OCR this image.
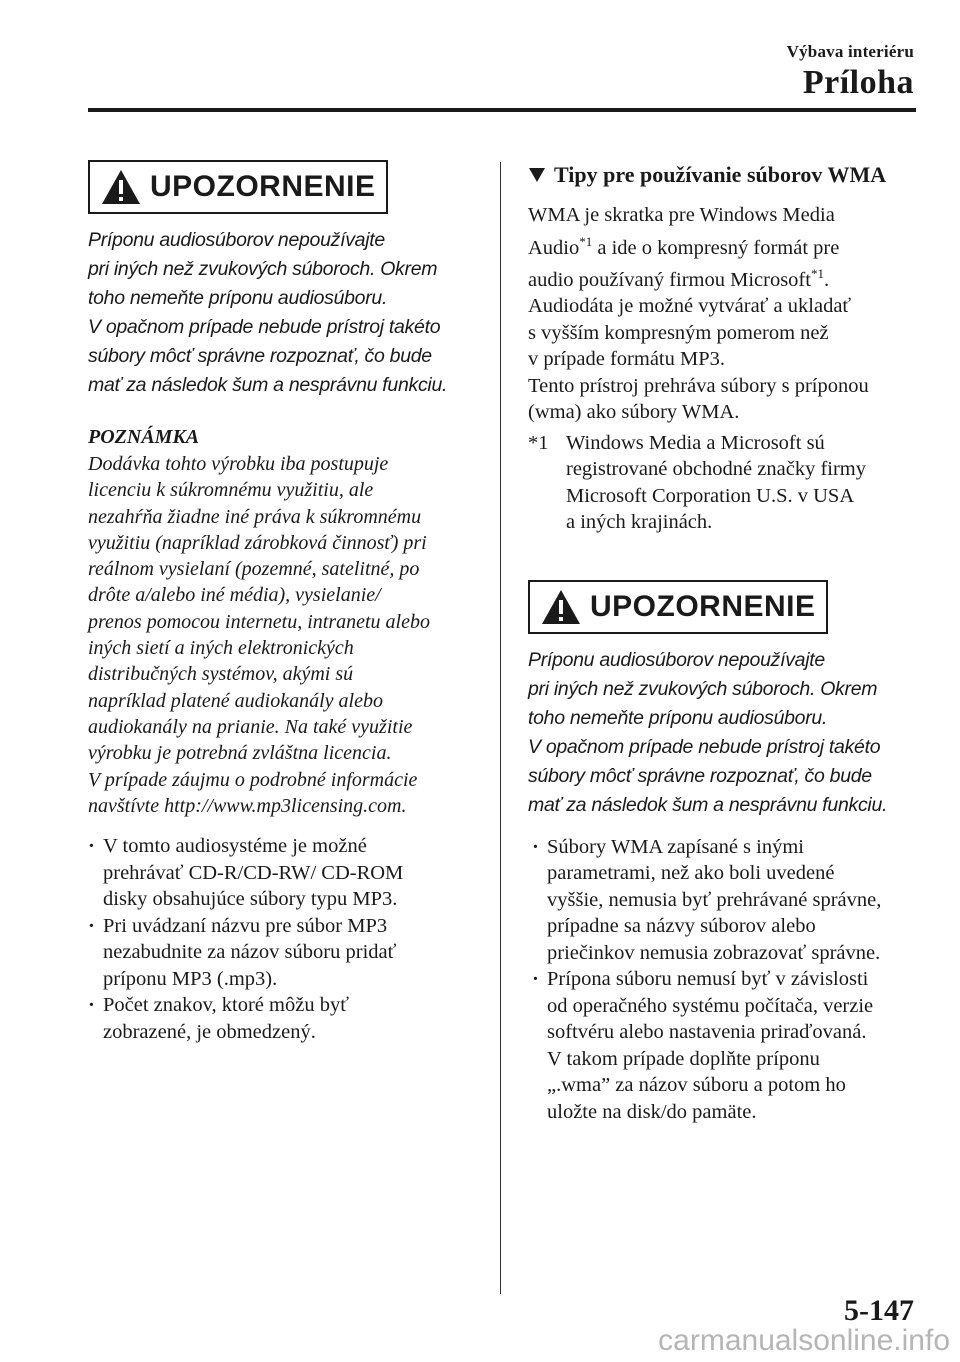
Výbava interiéru
Príloha
UPOZORNENIE
Príponu audiosúborov nepoužívajte
pri iných než zvukových súboroch. Okrem
toho nemeňte príponu audiosúboru.
V opačnom prípade nebude prístroj takéto
súbory môcť správne rozpoznať, čo bude
mať za následok šum a nesprávnu funkciu.
POZNÁMKA
Dodávka tohto výrobku iba postupuje
licenciu k súkromnému využitiu, ale
nezahŕňa žiadne iné práva k súkromnému
využitiu (napríklad zárobková činnosť) pri
reálnom vysielaní (pozemné, satelitné, po
drôte a/alebo iné média), vysielanie/
prenos pomocou internetu, intranetu alebo
iných sietí a iných elektronických
distribučných systémov, akými sú
napríklad platené audiokanály alebo
audiokanály na prianie. Na také využitie
výrobku je potrebná zvláštna licencia.
V prípade záujmu o podrobné informácie
navštívte http://www.mp3licensing.com.
· V tomto audiosystéme je možné
prehrávať CD-R/CD-RW/ CD-ROM
disky obsahujúce súbory typu MP3.
· Pri uvádzaní názvu pre súbor MP3
nezabudnite za názov súboru pridať
príponu MP3 (.mp3).
· Počet znakov, ktoré môžu byť
zobrazené, je obmedzený.
Tipy pre používanie súborov WMA
WMA je skratka pre Windows Media
Audio$^{*1}$ a ide o kompresný formát pre
audio používaný firmou Microsoft$^{*1}$.
Audiodáta je možné vytvárať a ukladať
s vyšším kompresným pomerom než
v prípade formátu MP3.
Tento prístroj prehráva súbory s príponou
(wma) ako súbory WMA.
*1 Windows Media a Microsoft sú
registrované obchodné značky firmy
Microsoft Corporation U.S. v USA
a iných krajinách.
UPOZORNENIE
Príponu audiosúborov nepoužívajte
pri iných než zvukových súboroch. Okrem
toho nemeňte príponu audiosúboru.
V opačnom prípade nebude prístroj takéto
súbory môcť správne rozpoznať, čo bude
mať za následok šum a nesprávnu funkciu.
· Súbory WMA zapísané s inými
parametrami, než ako boli uvedené
vyššie, nemusia byť prehrávané správne,
prípadne sa názvy súborov alebo
priečinkov nemusia zobrazovať správne.
· Prípona súboru nemusí byť v závislosti
od operačného systému počítača, verzie
softvéru alebo nastavenia priraďovaná.
V takom prípade doplňte príponu
„.wma” za názov súboru a potom ho
uložte na disk/do pamäte.
5-147
carmanualsonline.info
